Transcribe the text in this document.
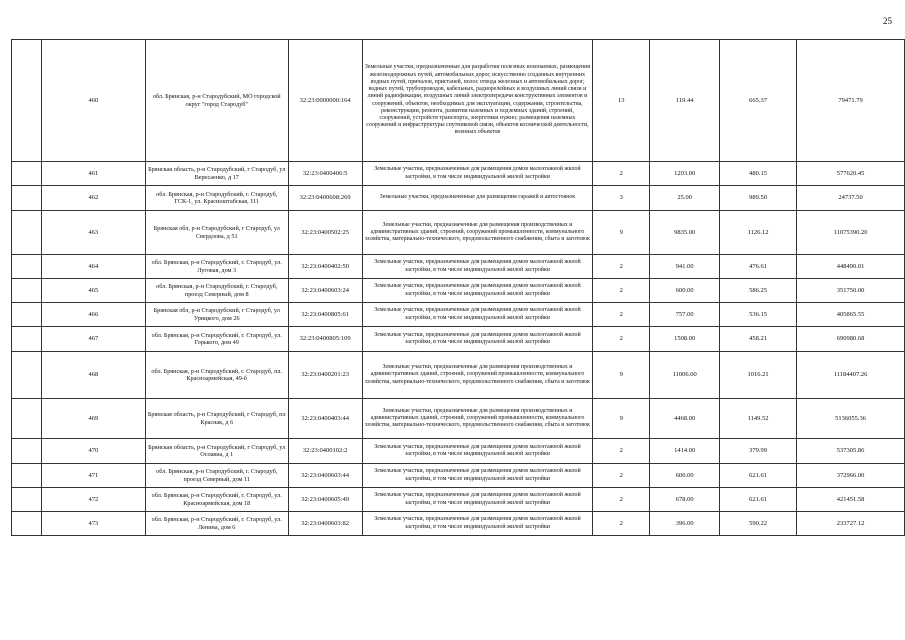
25
	460	обл. Брянская, р-н Стародубский, МО городской округ "город Стародуб"	32:23:0000000:164	Земельные участки, предназначенные для разработки полезных ископаемых, размещения железнодорожных путей, автомобильных дорог, искусственно созданных внутренних водных путей, причалов, пристаней, полос отвода железных и автомобильных дорог, водных путей, трубопроводов, кабельных, радиорелейных и воздушных линий связи и линий радиофикации, воздушных линий электропередачи конструктивных элементов и сооружений, объектов, необходимых для эксплуатации, содержания, строительства, реконструкции, ремонта, развития наземных и подземных зданий, строений, сооружений, устройств транспорта, энергетики нужно; размещения наземных сооружений и инфраструктуры спутниковой связи, объектов космической деятельности, военных объектов	13	119.44	665.37	79471.79
	461	Брянская область, р-н Стародубский, г Стародуб, ул Вересаенко, д 17	32:23:0400406:5	Земельные участки, предназначенные для размещения домов малоэтажной жилой застройки, в том числе индивидуальной жилой застройки	2	1203.00	480.15	577620.45
	462	обл. Брянская, р-н Стародубский, г. Стародуб, ГСК-1, ул. Красноштабская, 111	32:23:0400608:269	Земельные участки, предназначенные для размещения гаражей и автостоянок	3	25.00	989.50	24737.50
	463	Брянская обл, р-н Стародубский, г Стародуб, ул Свердлова, д 51	32:23:0400502:25	Земельные участки, предназначенные для размещения производственных и административных зданий, строений, сооружений промышленности, коммунального хозяйства, материально-технического, продовольственного снабжения, сбыта и заготовок	9	9835.00	1126.12	11075390.20
	464	обл. Брянская, р-н Стародубский, г. Стародуб, ул. Луговая, дом 3	32:23:0400402:50	Земельные участки, предназначенные для размещения домов малоэтажной жилой застройки, в том числе индивидуальной жилой застройки	2	941.00	476.61	448490.01
	465	обл. Брянская, р-н Стародубский, г. Стародуб, проезд Северный, дом 8	32:23:0400603:24	Земельные участки, предназначенные для размещения домов малоэтажной жилой застройки, в том числе индивидуальной жилой застройки	2	600.00	586.25	351750.00
	466	Брянская обл, р-н Стародубский, г Стародуб, ул Урицкого, дом 26	32:23:0400805:61	Земельные участки, предназначенные для размещения домов малоэтажной жилой застройки, в том числе индивидуальной жилой застройки	2	757.00	536.15	405865.55
	467	обл. Брянская, р-н Стародубский, г. Стародуб, ул. Горького, дом 49	32:23:0400805:109	Земельные участки, предназначенные для размещения домов малоэтажной жилой застройки, в том числе индивидуальной жилой застройки	2	1508.00	458.21	690980.68
	468	обл. Брянская, р-н Стародубский, г. Стародуб, пл. Красноармейская, 49-б	32:23:0400201:23	Земельные участки, предназначенные для размещения производственных и административных зданий, строений, сооружений промышленности, коммунального хозяйства, материально-технического, продовольственного снабжения, сбыта и заготовок	9	11006.00	1016.21	11184407.26
	469	Брянская область, р-н Стародубский, г Стародуб, пл Краснак, д 6	32:23:0400403:44	Земельные участки, предназначенные для размещения производственных и административных зданий, строений, сооружений промышленности, коммунального хозяйства, материально-технического, продовольственного снабжения, сбыта и заготовок	9	4468.00	1149.52	5136055.36
	470	Брянская область, р-н Стародубский, г Стародуб, ул Осоавиа, д 1	32:23:0400102:2	Земельные участки, предназначенные для размещения домов малоэтажной жилой застройки, в том числе индивидуальной жилой застройки	2	1414.00	379.99	537305.86
	471	обл. Брянская, р-н Стародубский, г. Стародуб, проезд Северный, дом 11	32:23:0400603:44	Земельные участки, предназначенные для размещения домов малоэтажной жилой застройки, в том числе индивидуальной жилой застройки	2	600.00	621.61	372966.00
	472	обл. Брянская, р-н Стародубский, г. Стародуб, ул. Красноармейская, дом 18	32:23:0400605:49	Земельные участки, предназначенные для размещения домов малоэтажной жилой застройки, в том числе индивидуальной жилой застройки	2	678.00	621.61	421451.58
	473	обл. Брянская, р-н Стародубский, г. Стародуб, ул. Ленина, дом 6	32:23:0400603:82	Земельные участки, предназначенные для размещения домов малоэтажной жилой застройки, в том числе индивидуальной жилой застройки	2	396.00	590.22	233727.12
